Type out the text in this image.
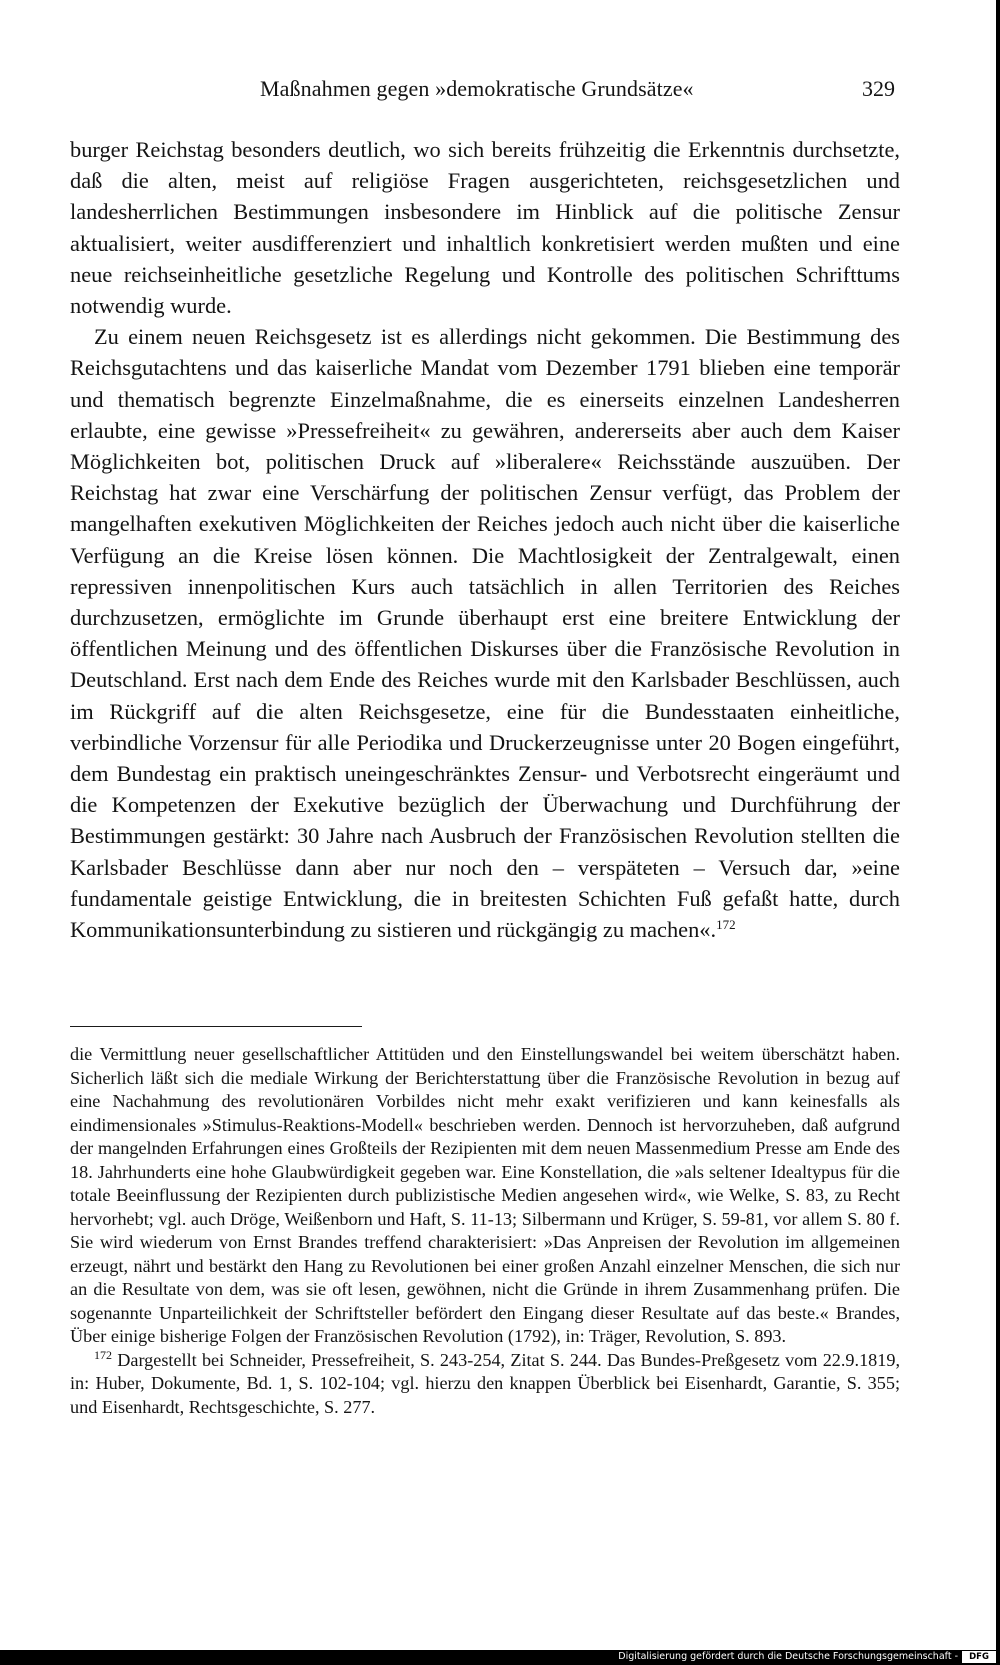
Maßnahmen gegen »demokratische Grundsätze«	329

burger Reichstag besonders deutlich, wo sich bereits frühzeitig die Erkenntnis durchsetzte, daß die alten, meist auf religiöse Fragen ausgerichteten, reichsgesetzlichen und landesherrlichen Bestimmungen insbesondere im Hinblick auf die politische Zensur aktualisiert, weiter ausdifferenziert und inhaltlich konkretisiert werden mußten und eine neue reichseinheitliche gesetzliche Regelung und Kontrolle des politischen Schrifttums notwendig wurde.

Zu einem neuen Reichsgesetz ist es allerdings nicht gekommen. Die Bestimmung des Reichsgutachtens und das kaiserliche Mandat vom Dezember 1791 blieben eine temporär und thematisch begrenzte Einzelmaßnahme, die es einerseits einzelnen Landesherren erlaubte, eine gewisse »Pressefreiheit« zu gewähren, andererseits aber auch dem Kaiser Möglichkeiten bot, politischen Druck auf »liberalere« Reichsstände auszuüben. Der Reichstag hat zwar eine Verschärfung der politischen Zensur verfügt, das Problem der mangelhaften exekutiven Möglichkeiten der Reiches jedoch auch nicht über die kaiserliche Verfügung an die Kreise lösen können. Die Machtlosigkeit der Zentralgewalt, einen repressiven innenpolitischen Kurs auch tatsächlich in allen Territorien des Reiches durchzusetzen, ermöglichte im Grunde überhaupt erst eine breitere Entwicklung der öffentlichen Meinung und des öffentlichen Diskurses über die Französische Revolution in Deutschland. Erst nach dem Ende des Reiches wurde mit den Karlsbader Beschlüssen, auch im Rückgriff auf die alten Reichsgesetze, eine für die Bundesstaaten einheitliche, verbindliche Vorzensur für alle Periodika und Druckerzeugnisse unter 20 Bogen eingeführt, dem Bundestag ein praktisch uneingeschränktes Zensur- und Verbotsrecht eingeräumt und die Kompetenzen der Exekutive bezüglich der Überwachung und Durchführung der Bestimmungen gestärkt: 30 Jahre nach Ausbruch der Französischen Revolution stellten die Karlsbader Beschlüsse dann aber nur noch den – verspäteten – Versuch dar, »eine fundamentale geistige Entwicklung, die in breitesten Schichten Fuß gefaßt hatte, durch Kommunikationsunterbindung zu sistieren und rückgängig zu machen«.$^{172}$

die Vermittlung neuer gesellschaftlicher Attitüden und den Einstellungswandel bei weitem überschätzt haben. Sicherlich läßt sich die mediale Wirkung der Berichterstattung über die Französische Revolution in bezug auf eine Nachahmung des revolutionären Vorbildes nicht mehr exakt verifizieren und kann keinesfalls als eindimensionales »Stimulus-Reaktions-Modell« beschrieben werden. Dennoch ist hervorzuheben, daß aufgrund der mangelnden Erfahrungen eines Großteils der Rezipienten mit dem neuen Massenmedium Presse am Ende des 18. Jahrhunderts eine hohe Glaubwürdigkeit gegeben war. Eine Konstellation, die »als seltener Idealtypus für die totale Beeinflussung der Rezipienten durch publizistische Medien angesehen wird«, wie Welke, S. 83, zu Recht hervorhebt; vgl. auch Dröge, Weißenborn und Haft, S. 11-13; Silbermann und Krüger, S. 59-81, vor allem S. 80 f. Sie wird wiederum von Ernst Brandes treffend charakterisiert: »Das Anpreisen der Revolution im allgemeinen erzeugt, nährt und bestärkt den Hang zu Revolutionen bei einer großen Anzahl einzelner Menschen, die sich nur an die Resultate von dem, was sie oft lesen, gewöhnen, nicht die Gründe in ihrem Zusammenhang prüfen. Die sogenannte Unparteilichkeit der Schriftsteller befördert den Eingang dieser Resultate auf das beste.« Brandes, Über einige bisherige Folgen der Französischen Revolution (1792), in: Träger, Revolution, S. 893.

$^{172}$ Dargestellt bei Schneider, Pressefreiheit, S. 243-254, Zitat S. 244. Das Bundes-Preßgesetz vom 22.9.1819, in: Huber, Dokumente, Bd. 1, S. 102-104; vgl. hierzu den knappen Überblick bei Eisenhardt, Garantie, S. 355; und Eisenhardt, Rechtsgeschichte, S. 277.

Digitalisierung gefördert durch die Deutsche Forschungsgemeinschaft -	DFG
